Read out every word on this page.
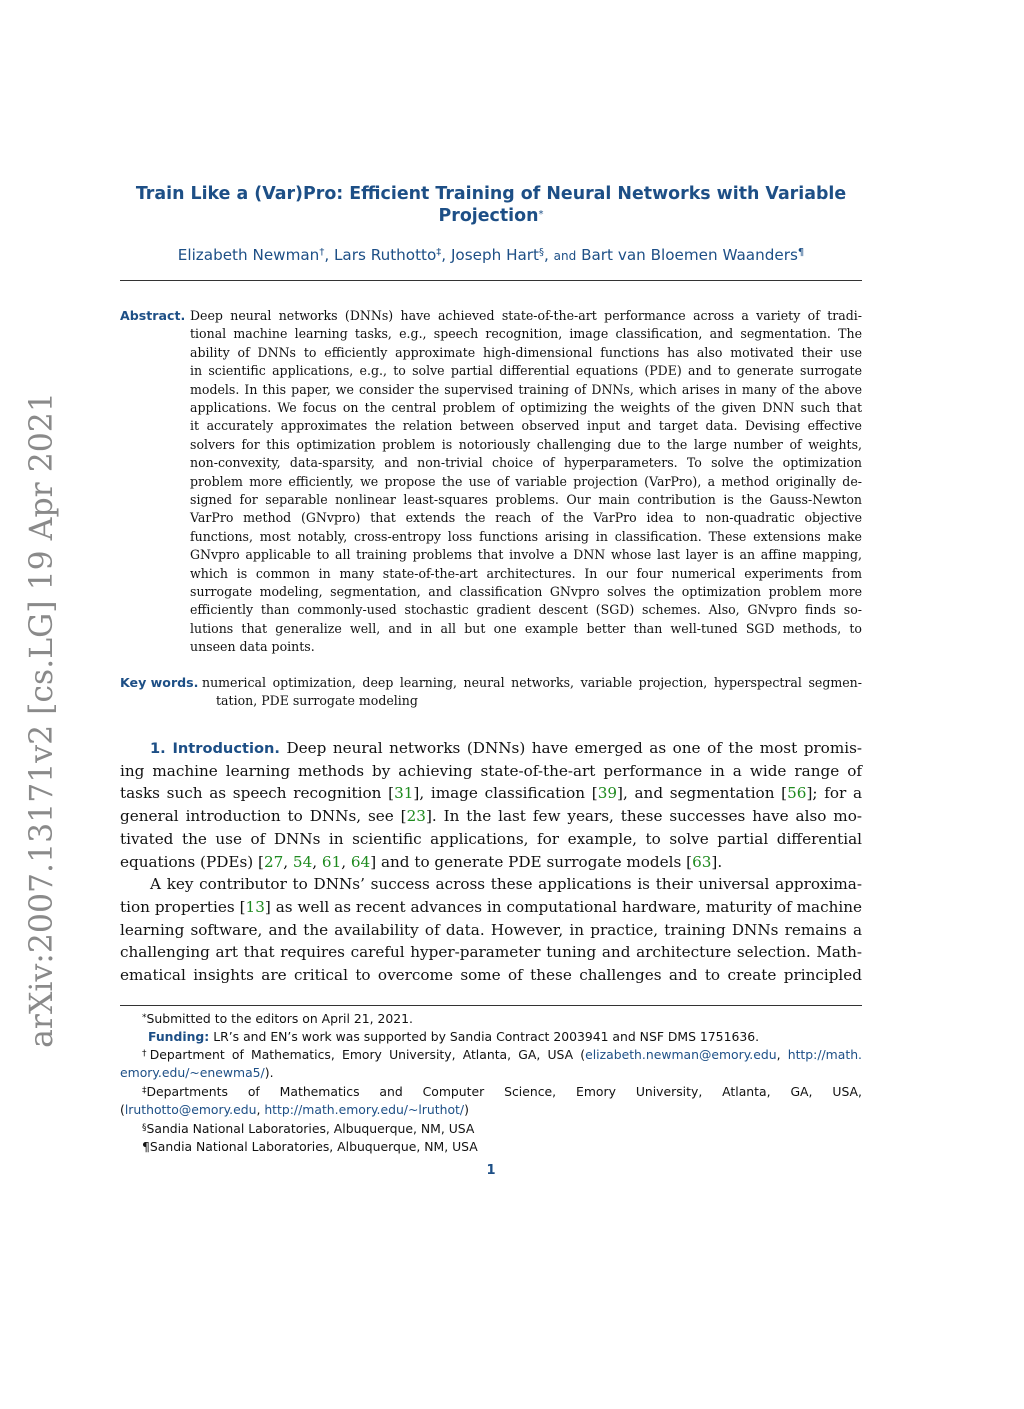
arXiv:2007.13171v2 [cs.LG] 19 Apr 2021
Train Like a (Var)Pro: Efficient Training of Neural Networks with Variable
Projection*
Elizabeth Newman†, Lars Ruthotto‡, Joseph Hart§, and Bart van Bloemen Waanders¶
Abstract. Deep neural networks (DNNs) have achieved state-of-the-art performance across a variety of tradi-
tional machine learning tasks, e.g., speech recognition, image classification, and segmentation. The
ability of DNNs to efficiently approximate high-dimensional functions has also motivated their use
in scientific applications, e.g., to solve partial differential equations (PDE) and to generate surrogate
models. In this paper, we consider the supervised training of DNNs, which arises in many of the above
applications. We focus on the central problem of optimizing the weights of the given DNN such that
it accurately approximates the relation between observed input and target data. Devising effective
solvers for this optimization problem is notoriously challenging due to the large number of weights,
non-convexity, data-sparsity, and non-trivial choice of hyperparameters. To solve the optimization
problem more efficiently, we propose the use of variable projection (VarPro), a method originally de-
signed for separable nonlinear least-squares problems. Our main contribution is the Gauss-Newton
VarPro method (GNvpro) that extends the reach of the VarPro idea to non-quadratic objective
functions, most notably, cross-entropy loss functions arising in classification. These extensions make
GNvpro applicable to all training problems that involve a DNN whose last layer is an affine mapping,
which is common in many state-of-the-art architectures. In our four numerical experiments from
surrogate modeling, segmentation, and classification GNvpro solves the optimization problem more
efficiently than commonly-used stochastic gradient descent (SGD) schemes. Also, GNvpro finds so-
lutions that generalize well, and in all but one example better than well-tuned SGD methods, to
unseen data points.
Key words. numerical optimization, deep learning, neural networks, variable projection, hyperspectral segmen-
tation, PDE surrogate modeling
1. Introduction. Deep neural networks (DNNs) have emerged as one of the most promis-
ing machine learning methods by achieving state-of-the-art performance in a wide range of
tasks such as speech recognition [31], image classification [39], and segmentation [56]; for a
general introduction to DNNs, see [23]. In the last few years, these successes have also mo-
tivated the use of DNNs in scientific applications, for example, to solve partial differential
equations (PDEs) [27, 54, 61, 64] and to generate PDE surrogate models [63].
A key contributor to DNNs’ success across these applications is their universal approxima-
tion properties [13] as well as recent advances in computational hardware, maturity of machine
learning software, and the availability of data. However, in practice, training DNNs remains a
challenging art that requires careful hyper-parameter tuning and architecture selection. Math-
ematical insights are critical to overcome some of these challenges and to create principled
*Submitted to the editors on April 21, 2021.
Funding: LR’s and EN’s work was supported by Sandia Contract 2003941 and NSF DMS 1751636.
†Department of Mathematics, Emory University, Atlanta, GA, USA (elizabeth.newman@emory.edu, http://math.
emory.edu/~enewma5/).
‡Departments of Mathematics and Computer Science, Emory University, Atlanta, GA, USA,
(lruthotto@emory.edu, http://math.emory.edu/~lruthot/)
§Sandia National Laboratories, Albuquerque, NM, USA
¶Sandia National Laboratories, Albuquerque, NM, USA
1
